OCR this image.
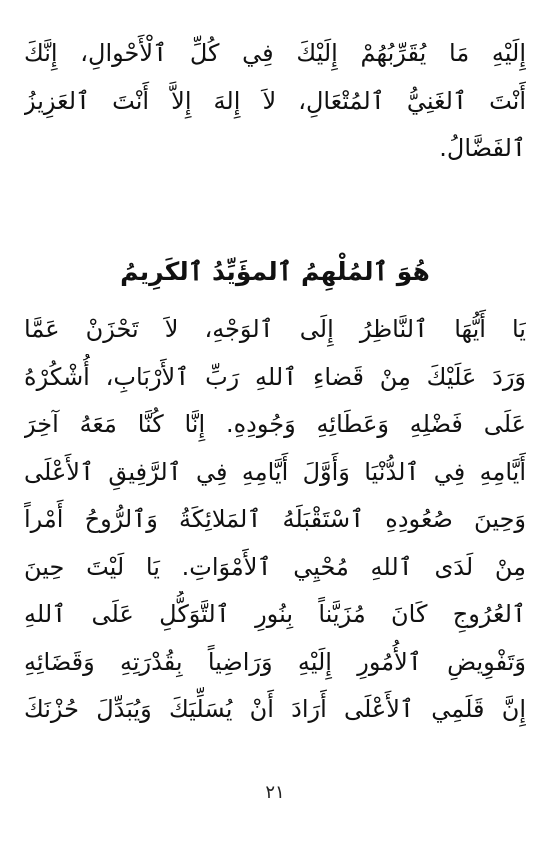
إِلَيْهِ مَا يُقَرِّبُهُمْ إِلَيْكَ فِي كُلِّ ٱلْأَحْوالِ، إِنَّكَ
أَنْتَ ٱلغَنِيُّ ٱلمُتْعَالِ، لاَ إِلهَ إِلاَّ أَنْتَ ٱلعَزِيزُ
ٱلفَضَّالُ.
هُوَ ٱلمُلْهِمُ ٱلمؤَيِّدُ ٱلكَرِيمُ
يَا أَيُّهَا ٱلنَّاظِرُ إِلَى ٱلوَجْهِ، لاَ تَحْزَنْ عَمَّا
وَرَدَ عَلَيْكَ مِنْ قَضاءِ ٱللهِ رَبِّ ٱلأَرْبَابِ، أُشْكُرْهُ
عَلَى فَضْلِهِ وَعَطَائِهِ وَجُودِهِ. إِنَّا كُنَّا مَعَهُ آخِرَ
أَيَّامِهِ فِي ٱلدُّنْيَا وَأَوَّلَ أَيَّامِهِ فِي ٱلرَّفِيقِ ٱلأَعْلَى
وَحِينَ صُعُودِهِ ٱسْتَقْبَلَهُ ٱلمَلائِكَةُ وَٱلرُّوحُ أَمْراً
مِنْ لَدَى ٱللهِ مُحْيِي ٱلأَمْوَاتِ. يَا لَيْتَ حِينَ
ٱلعُرُوجِ كَانَ مُزَيَّناً بِنُورِ ٱلتَّوَكُّلِ عَلَى ٱللهِ
وَتَفْوِيضِ ٱلأُمُورِ إِلَيْهِ وَرَاضِياً بِقُدْرَتِهِ وَقَضَائِهِ
إِنَّ قَلَمِي ٱلأَعْلَى أَرَادَ أَنْ يُسَلِّيَكَ وَيُبَدِّلَ حُزْنَكَ
٢١
